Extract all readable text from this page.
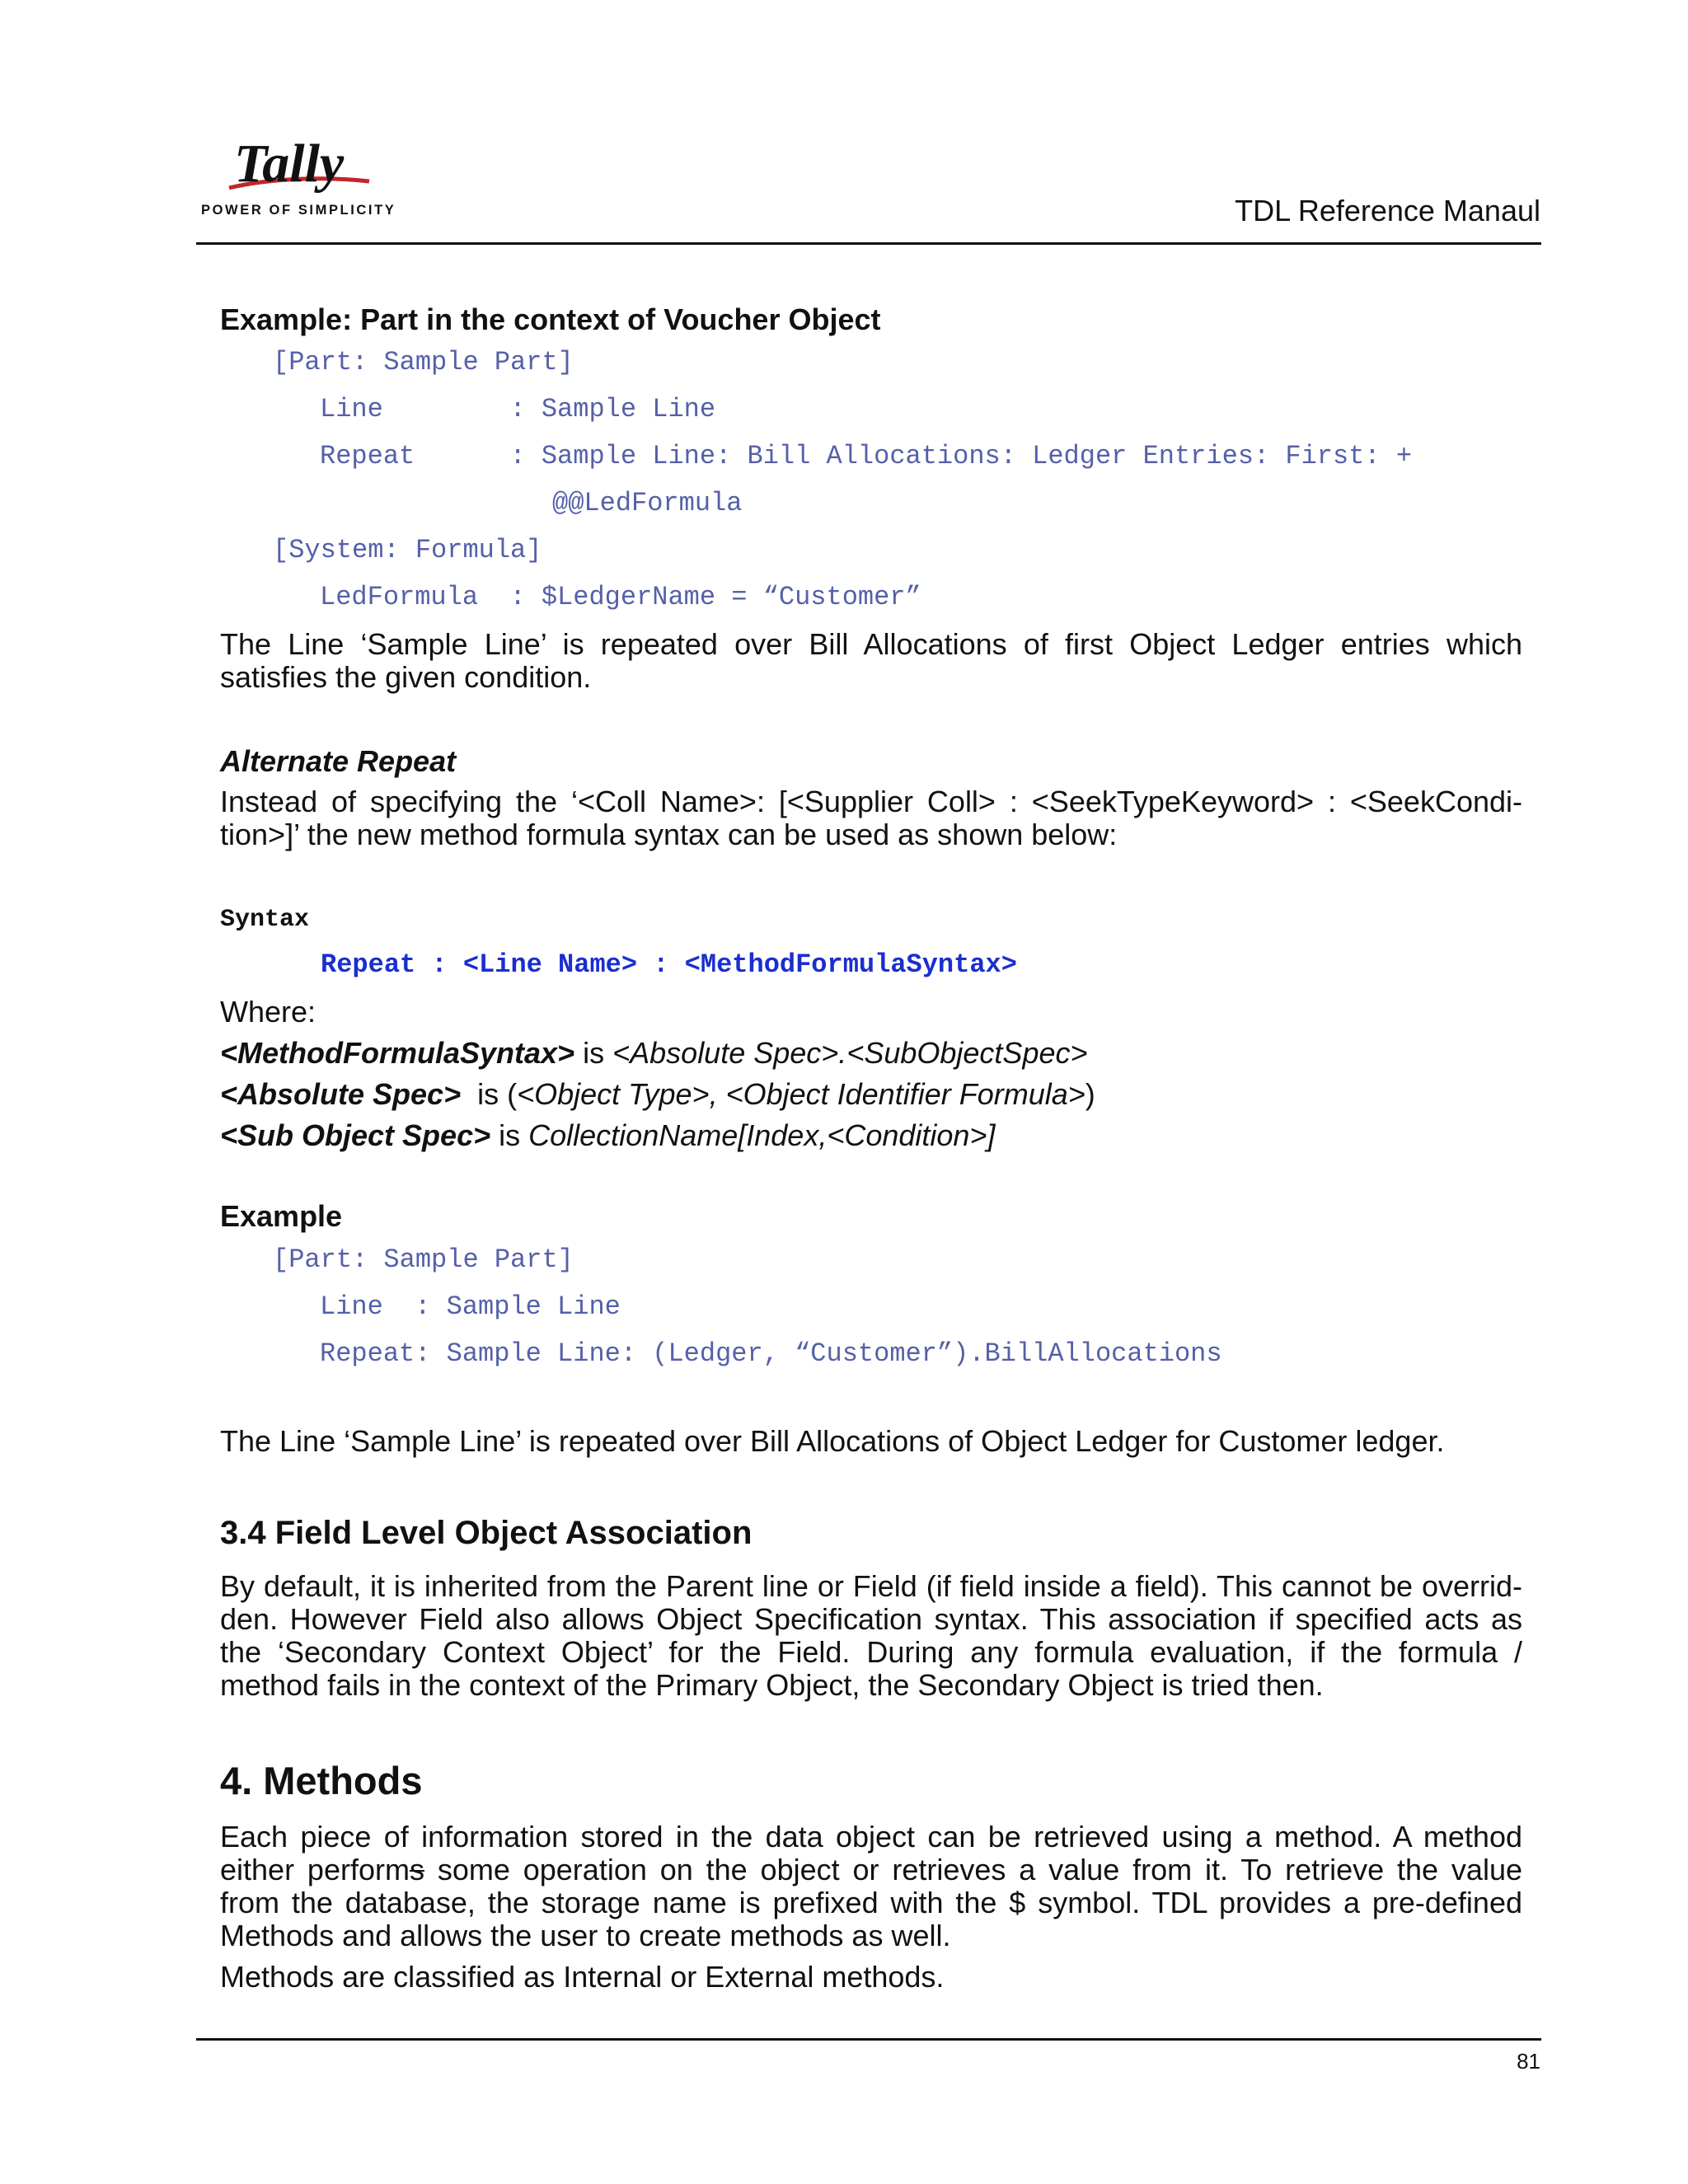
Tally
POWER OF SIMPLICITY	TDL Reference Manaul
Example: Part in the context of Voucher Object
[Part: Sample Part]
Line        : Sample Line
Repeat      : Sample Line: Bill Allocations: Ledger Entries: First: +
@@LedFormula
[System: Formula]
LedFormula  : $LedgerName = “Customer”
The Line ‘Sample Line’ is repeated over Bill Allocations of first Object Ledger entries which
satisfies the given condition.
Alternate Repeat
Instead of specifying the ‘<Coll Name>: [<Supplier Coll> : <SeekTypeKeyword> : <SeekCondi-
tion>]’ the new method formula syntax can be used as shown below:
Syntax
Repeat : <Line Name> : <MethodFormulaSyntax>
Where:
<MethodFormulaSyntax> is <Absolute Spec>.<SubObjectSpec>
<Absolute Spec>  is (<Object Type>, <Object Identifier Formula>)
<Sub Object Spec> is CollectionName[Index,<Condition>]
Example
[Part: Sample Part]
Line  : Sample Line
Repeat: Sample Line: (Ledger, “Customer”).BillAllocations
The Line ‘Sample Line’ is repeated over Bill Allocations of Object Ledger for Customer ledger.
3.4 Field Level Object Association
By default, it is inherited from the Parent line or Field (if field inside a field). This cannot be overrid-
den. However Field also allows Object Specification syntax. This association if specified acts as
the ‘Secondary Context Object’ for the Field. During any formula evaluation, if the formula /
method fails in the context of the Primary Object, the Secondary Object is tried then.
4. Methods
Each piece of information stored in the data object can be retrieved using a method. A method
either performs some operation on the object or retrieves a value from it. To retrieve the value
from the database, the storage name is prefixed with the $ symbol. TDL provides a pre-defined
Methods and allows the user to create methods as well.
Methods are classified as Internal or External methods.
81
